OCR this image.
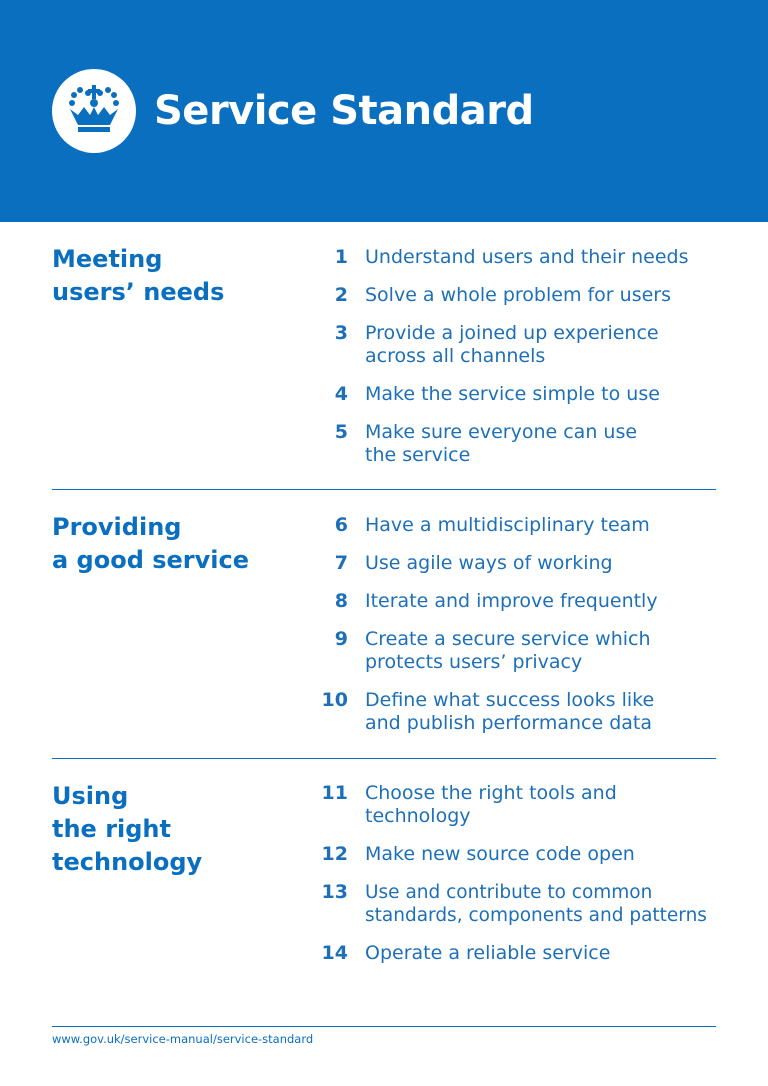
Service Standard
Meeting
users’ needs
1 Understand users and their needs
2 Solve a whole problem for users
3 Provide a joined up experience across all channels
4 Make the service simple to use
5 Make sure everyone can use the service
Providing
a good service
6 Have a multidisciplinary team
7 Use agile ways of working
8 Iterate and improve frequently
9 Create a secure service which protects users’ privacy
10 Define what success looks like and publish performance data
Using
the right
technology
11 Choose the right tools and technology
12 Make new source code open
13 Use and contribute to common standards, components and patterns
14 Operate a reliable service
www.gov.uk/service-manual/service-standard
